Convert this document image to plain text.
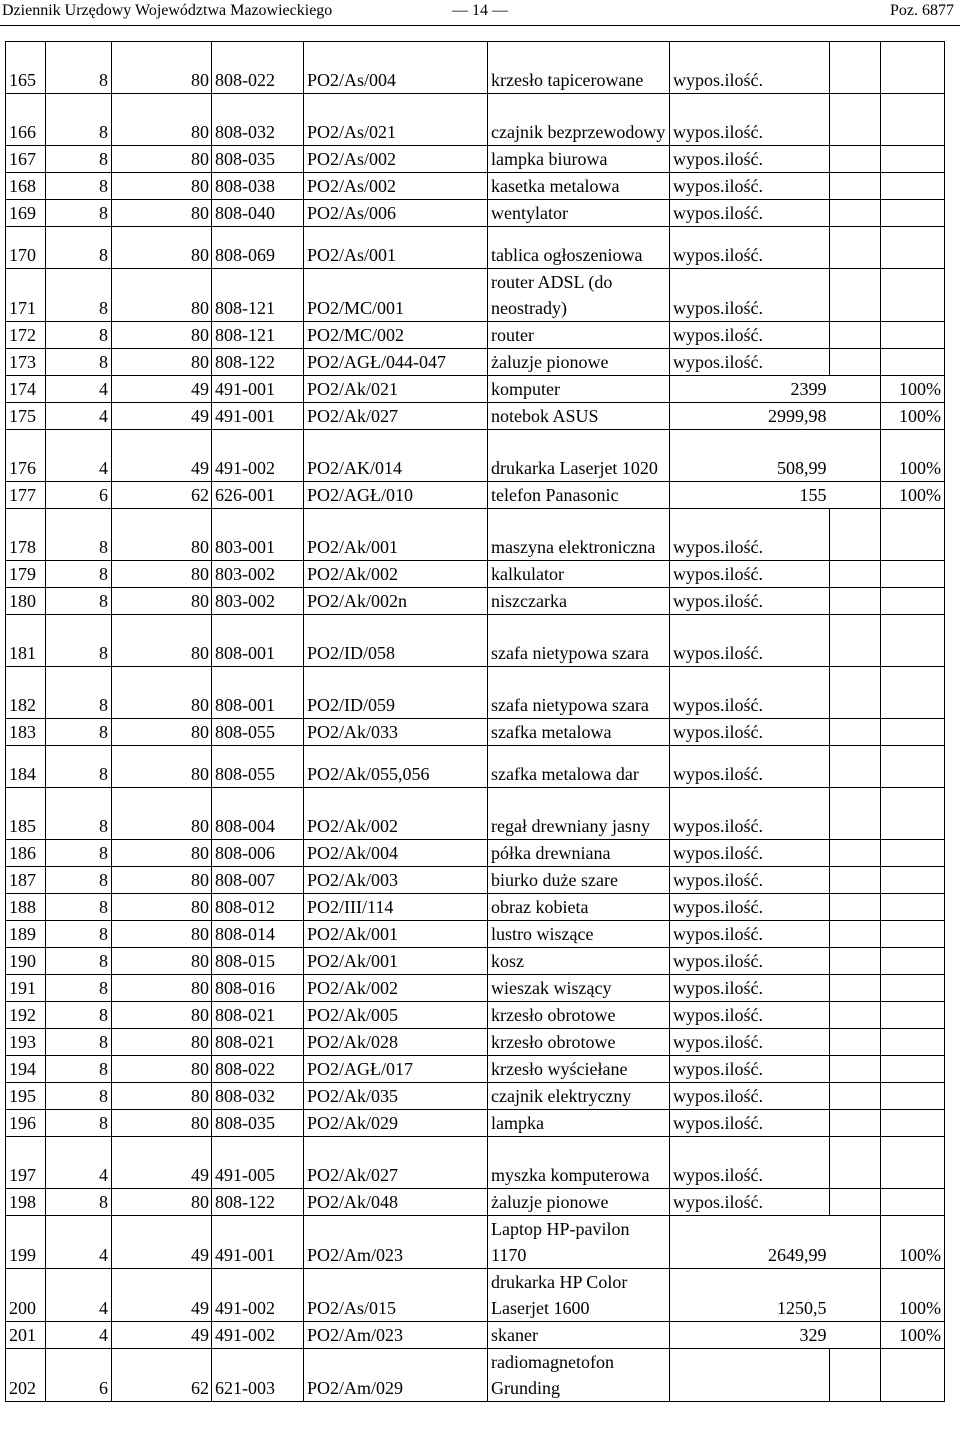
Dziennik Urzędowy Województwa Mazowieckiego	— 14 —	Poz. 6877
165	8	80	808-022	PO2/As/004	krzesło tapicerowane	wypos.ilość.		
166	8	80	808-032	PO2/As/021	czajnik bezprzewodowy	wypos.ilość.		
167	8	80	808-035	PO2/As/002	lampka biurowa	wypos.ilość.		
168	8	80	808-038	PO2/As/002	kasetka metalowa	wypos.ilość.		
169	8	80	808-040	PO2/As/006	wentylator	wypos.ilość.		
170	8	80	808-069	PO2/As/001	tablica ogłoszeniowa	wypos.ilość.		
171	8	80	808-121	PO2/MC/001	router ADSL (do neostrady)	wypos.ilość.		
172	8	80	808-121	PO2/MC/002	router	wypos.ilość.		
173	8	80	808-122	PO2/AGŁ/044-047	żaluzje pionowe	wypos.ilość.		
174	4	49	491-001	PO2/Ak/021	komputer	2399		100%
175	4	49	491-001	PO2/Ak/027	notebok ASUS	2999,98		100%
176	4	49	491-002	PO2/AK/014	drukarka Laserjet 1020	508,99		100%
177	6	62	626-001	PO2/AGŁ/010	telefon Panasonic	155		100%
178	8	80	803-001	PO2/Ak/001	maszyna elektroniczna	wypos.ilość.		
179	8	80	803-002	PO2/Ak/002	kalkulator	wypos.ilość.		
180	8	80	803-002	PO2/Ak/002n	niszczarka	wypos.ilość.		
181	8	80	808-001	PO2/ID/058	szafa nietypowa szara	wypos.ilość.		
182	8	80	808-001	PO2/ID/059	szafa nietypowa szara	wypos.ilość.		
183	8	80	808-055	PO2/Ak/033	szafka metalowa	wypos.ilość.		
184	8	80	808-055	PO2/Ak/055,056	szafka metalowa dar	wypos.ilość.		
185	8	80	808-004	PO2/Ak/002	regał drewniany jasny	wypos.ilość.		
186	8	80	808-006	PO2/Ak/004	półka drewniana	wypos.ilość.		
187	8	80	808-007	PO2/Ak/003	biurko duże szare	wypos.ilość.		
188	8	80	808-012	PO2/III/114	obraz kobieta	wypos.ilość.		
189	8	80	808-014	PO2/Ak/001	lustro wiszące	wypos.ilość.		
190	8	80	808-015	PO2/Ak/001	kosz	wypos.ilość.		
191	8	80	808-016	PO2/Ak/002	wieszak wiszący	wypos.ilość.		
192	8	80	808-021	PO2/Ak/005	krzesło obrotowe	wypos.ilość.		
193	8	80	808-021	PO2/Ak/028	krzesło obrotowe	wypos.ilość.		
194	8	80	808-022	PO2/AGŁ/017	krzesło wyściełane	wypos.ilość.		
195	8	80	808-032	PO2/Ak/035	czajnik elektryczny	wypos.ilość.		
196	8	80	808-035	PO2/Ak/029	lampka	wypos.ilość.		
197	4	49	491-005	PO2/Ak/027	myszka komputerowa	wypos.ilość.		
198	8	80	808-122	PO2/Ak/048	żaluzje pionowe	wypos.ilość.		
199	4	49	491-001	PO2/Am/023	Laptop HP-pavilon 1170	2649,99		100%
200	4	49	491-002	PO2/As/015	drukarka HP Color Laserjet 1600	1250,5		100%
201	4	49	491-002	PO2/Am/023	skaner	329		100%
202	6	62	621-003	PO2/Am/029	radiomagnetofon Grunding			
